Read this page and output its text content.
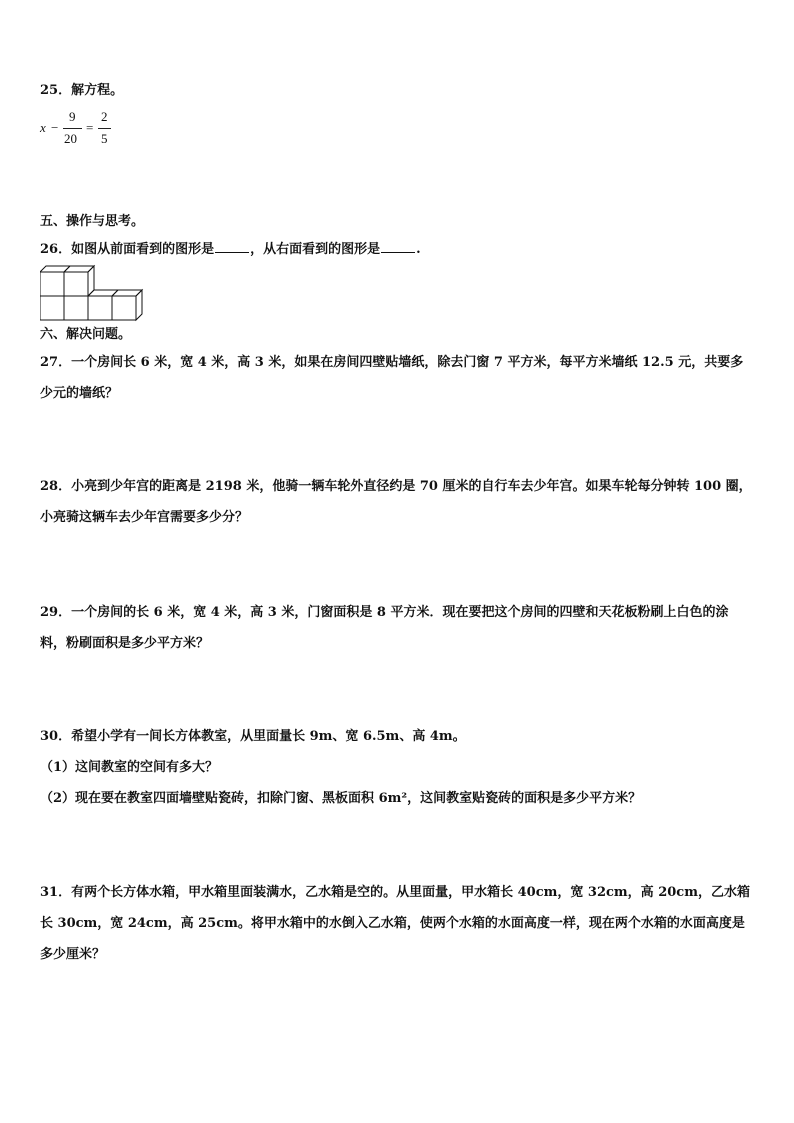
25．解方程。
x −
9
20
=
2
5
五、操作与思考。
26．如图从前面看到的图形是	，从右面看到的图形是	.
六、解决问题。
27．一个房间长 6 米，宽 4 米，高 3 米，如果在房间四壁贴墙纸，除去门窗 7 平方米，每平方米墙纸 12.5 元，共要多
少元的墙纸？
28．小亮到少年宫的距离是 2198 米，他骑一辆车轮外直径约是 70 厘米的自行车去少年宫。如果车轮每分钟转 100 圈，
小亮骑这辆车去少年宫需要多少分？
29．一个房间的长 6 米，宽 4 米，高 3 米，门窗面积是 8 平方米．现在要把这个房间的四壁和天花板粉刷上白色的涂
料，粉刷面积是多少平方米？
30．希望小学有一间长方体教室，从里面量长 9m、宽 6.5m、高 4m。
（1）这间教室的空间有多大？
（2）现在要在教室四面墙壁贴瓷砖，扣除门窗、黑板面积 6m²，这间教室贴瓷砖的面积是多少平方米？
31．有两个长方体水箱，甲水箱里面装满水，乙水箱是空的。从里面量，甲水箱长 40cm，宽 32cm，高 20cm，乙水箱
长 30cm，宽 24cm，高 25cm。将甲水箱中的水倒入乙水箱，使两个水箱的水面高度一样，现在两个水箱的水面高度是
多少厘米？
